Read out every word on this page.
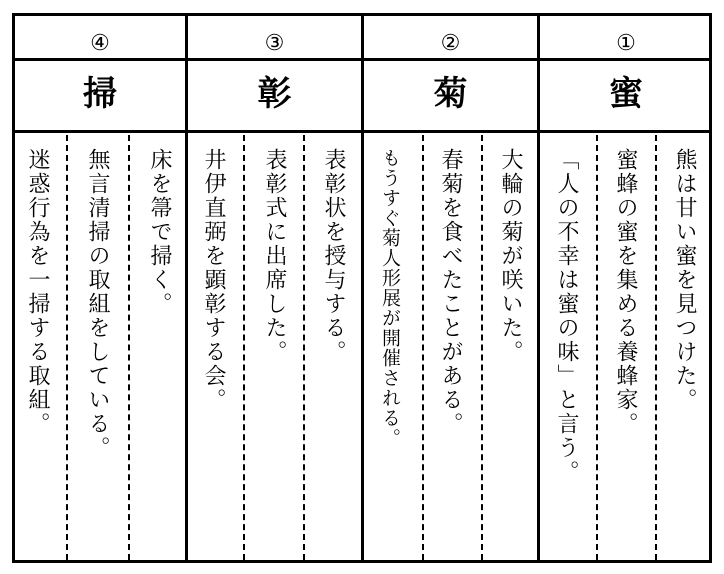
④
掃
床を箒で掃く。
無言清掃の取組をしている。
迷惑行為を一掃する取組。
③
彰
表彰状を授与する。
表彰式に出席した。
井伊直弼を顕彰する会。
②
菊
大輪の菊が咲いた。
春菊を食べたことがある。
もうすぐ菊人形展が開催される。
①
蜜
熊は甘い蜜を見つけた。
蜜蜂の蜜を集める養蜂家。
「人の不幸は蜜の味」と言う。
